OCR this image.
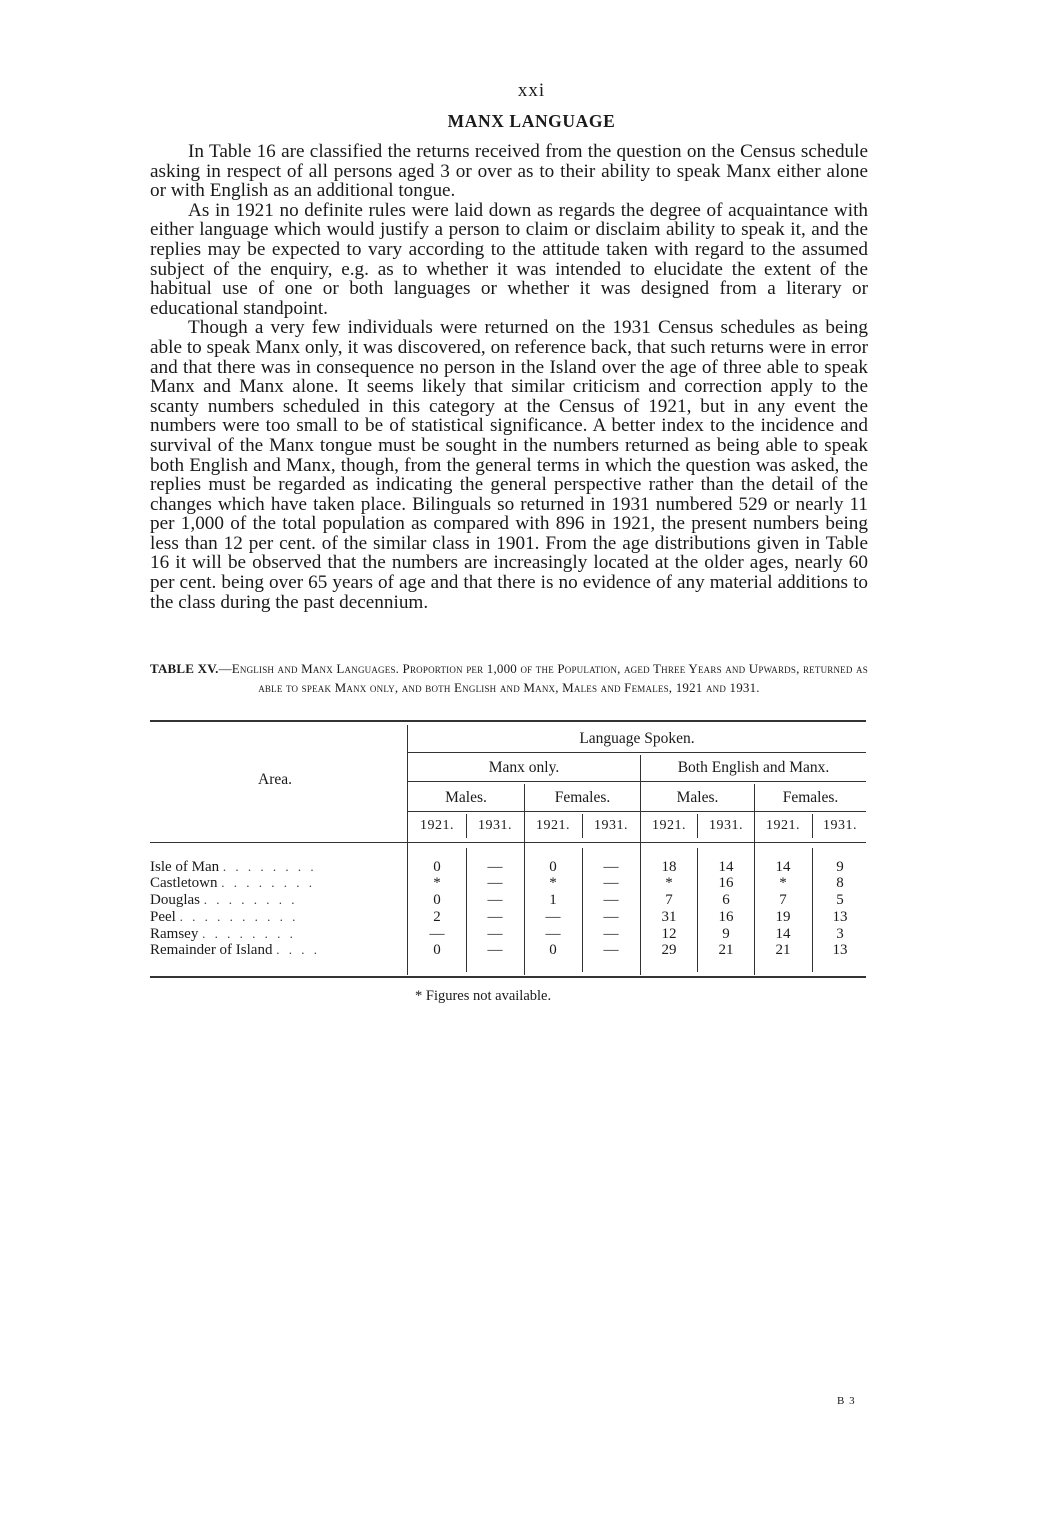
xxi
MANX LANGUAGE

In Table 16 are classified the returns received from the question on the Census schedule asking in respect of all persons aged 3 or over as to their ability to speak Manx either alone or with English as an additional tongue.

As in 1921 no definite rules were laid down as regards the degree of acquaintance with either language which would justify a person to claim or disclaim ability to speak it, and the replies may be expected to vary according to the attitude taken with regard to the assumed subject of the enquiry, e.g. as to whether it was intended to elucidate the extent of the habitual use of one or both languages or whether it was designed from a literary or educational standpoint.

Though a very few individuals were returned on the 1931 Census schedules as being able to speak Manx only, it was discovered, on reference back, that such returns were in error and that there was in consequence no person in the Island over the age of three able to speak Manx and Manx alone. It seems likely that similar criticism and correction apply to the scanty numbers scheduled in this category at the Census of 1921, but in any event the numbers were too small to be of statistical significance. A better index to the incidence and survival of the Manx tongue must be sought in the numbers returned as being able to speak both English and Manx, though, from the general terms in which the question was asked, the replies must be regarded as indicating the general perspective rather than the detail of the changes which have taken place. Bilinguals so returned in 1931 numbered 529 or nearly 11 per 1,000 of the total population as compared with 896 in 1921, the present numbers being less than 12 per cent. of the similar class in 1901. From the age distributions given in Table 16 it will be observed that the numbers are increasingly located at the older ages, nearly 60 per cent. being over 65 years of age and that there is no evidence of any material additions to the class during the past decennium.

TABLE XV.—English and Manx Languages. Proportion per 1,000 of the Population, aged Three Years and Upwards, returned as able to speak Manx only, and both English and Manx, Males and Females, 1921 and 1931.
Area.
Language Spoken.
Manx only.	Both English and Manx.
Males.	Females.	Males.	Females.
1921.	1931.	1921.	1931.	1921.	1931.	1921.	1931.
Isle of Man . . . . . . . .	0	—	0	—	18	14	14	9
Castletown . . . . . . . .	*	—	*	—	*	16	*	8
Douglas . . . . . . . .	0	—	1	—	7	6	7	5
Peel . . . . . . . . . .	2	—	—	—	31	16	19	13
Ramsey . . . . . . . .	—	—	—	—	12	9	14	3
Remainder of Island . . . .	0	—	0	—	29	21	21	13
* Figures not available.
B 3
